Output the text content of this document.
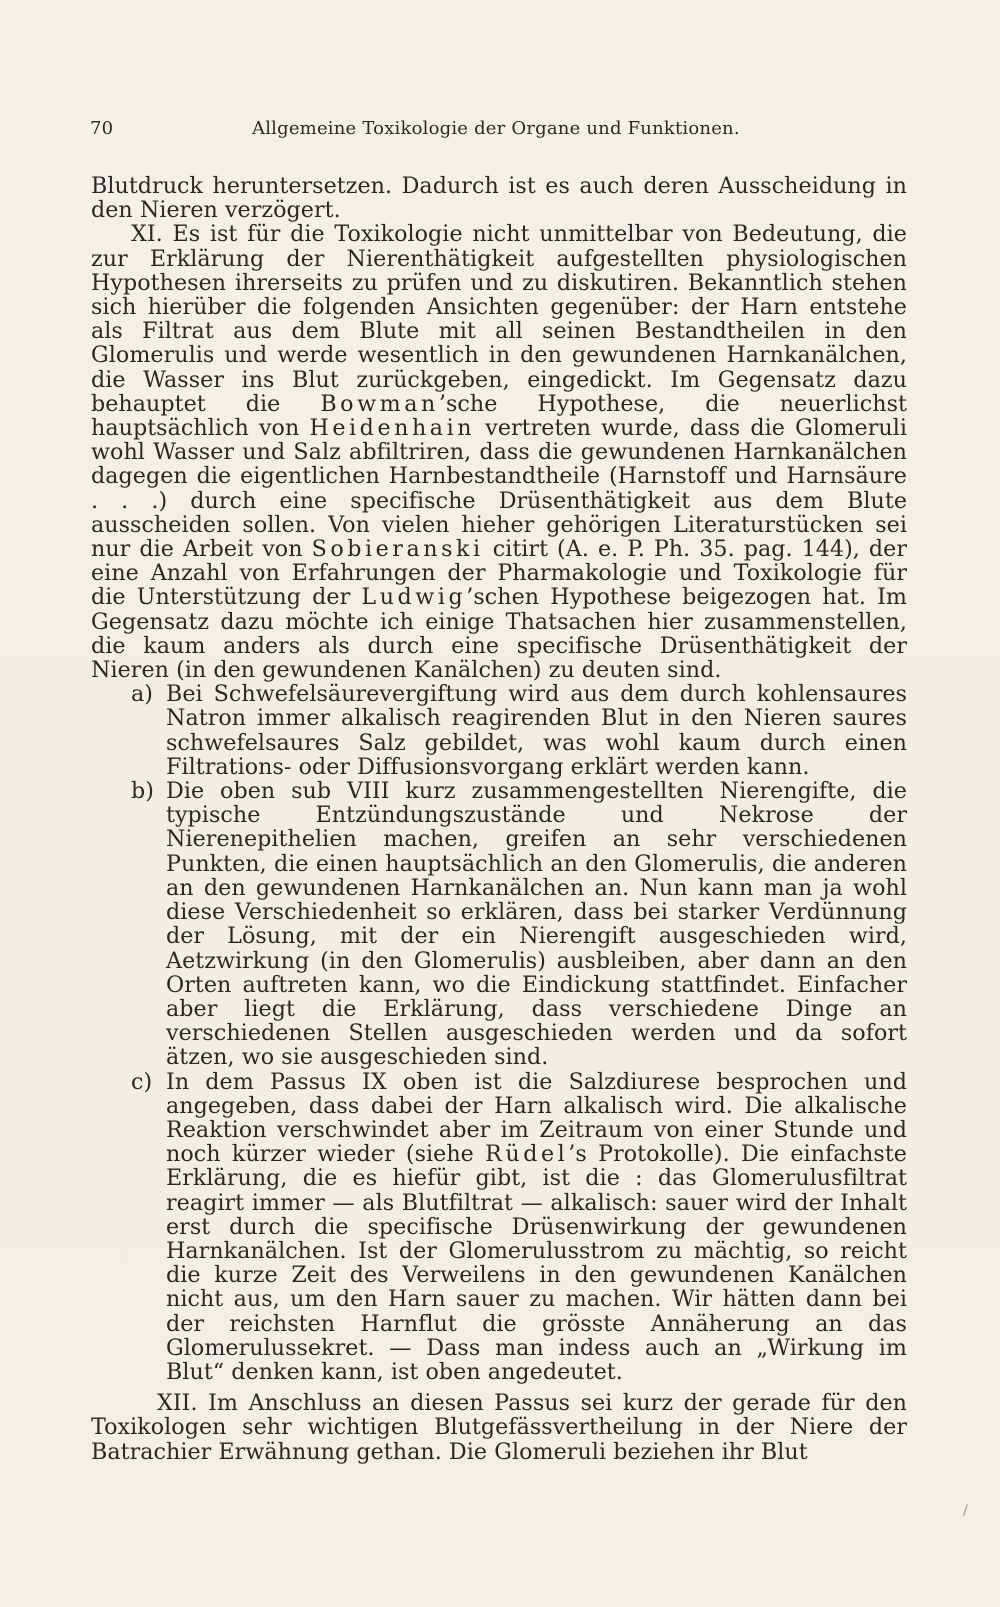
70	Allgemeine Toxikologie der Organe und Funktionen.

Blutdruck heruntersetzen. Dadurch ist es auch deren Ausscheidung in den Nieren verzögert.

XI. Es ist für die Toxikologie nicht unmittelbar von Bedeutung, die zur Erklärung der Nierenthätigkeit aufgestellten physiologischen Hypothesen ihrerseits zu prüfen und zu diskutiren. Bekanntlich stehen sich hierüber die folgenden Ansichten gegenüber: der Harn entstehe als Filtrat aus dem Blute mit all seinen Bestandtheilen in den Glomerulis und werde wesentlich in den gewundenen Harnkanälchen, die Wasser ins Blut zurückgeben, eingedickt. Im Gegensatz dazu behauptet die Bowman’sche Hypothese, die neuerlichst hauptsächlich von Heidenhain vertreten wurde, dass die Glomeruli wohl Wasser und Salz abfiltriren, dass die gewundenen Harnkanälchen dagegen die eigentlichen Harnbestandtheile (Harnstoff und Harnsäure . . .) durch eine specifische Drüsenthätigkeit aus dem Blute ausscheiden sollen. Von vielen hieher gehörigen Literaturstücken sei nur die Arbeit von Sobieranski citirt (A. e. P. Ph. 35. pag. 144), der eine Anzahl von Erfahrungen der Pharmakologie und Toxikologie für die Unterstützung der Ludwig’schen Hypothese beigezogen hat. Im Gegensatz dazu möchte ich einige Thatsachen hier zusammenstellen, die kaum anders als durch eine specifische Drüsenthätigkeit der Nieren (in den gewundenen Kanälchen) zu deuten sind.

a) Bei Schwefelsäurevergiftung wird aus dem durch kohlensaures Natron immer alkalisch reagirenden Blut in den Nieren saures schwefelsaures Salz gebildet, was wohl kaum durch einen Filtrations- oder Diffusionsvorgang erklärt werden kann.

b) Die oben sub VIII kurz zusammengestellten Nierengifte, die typische Entzündungszustände und Nekrose der Nierenepithelien machen, greifen an sehr verschiedenen Punkten, die einen hauptsächlich an den Glomerulis, die anderen an den gewundenen Harnkanälchen an. Nun kann man ja wohl diese Verschiedenheit so erklären, dass bei starker Verdünnung der Lösung, mit der ein Nierengift ausgeschieden wird, Aetzwirkung (in den Glomerulis) ausbleiben, aber dann an den Orten auftreten kann, wo die Eindickung stattfindet. Einfacher aber liegt die Erklärung, dass verschiedene Dinge an verschiedenen Stellen ausgeschieden werden und da sofort ätzen, wo sie ausgeschieden sind.

c) In dem Passus IX oben ist die Salzdiurese besprochen und angegeben, dass dabei der Harn alkalisch wird. Die alkalische Reaktion verschwindet aber im Zeitraum von einer Stunde und noch kürzer wieder (siehe Rüdel’s Protokolle). Die einfachste Erklärung, die es hiefür gibt, ist die : das Glomerulusfiltrat reagirt immer — als Blutfiltrat — alkalisch: sauer wird der Inhalt erst durch die specifische Drüsenwirkung der gewundenen Harnkanälchen. Ist der Glomerulusstrom zu mächtig, so reicht die kurze Zeit des Verweilens in den gewundenen Kanälchen nicht aus, um den Harn sauer zu machen. Wir hätten dann bei der reichsten Harnflut die grösste Annäherung an das Glomerulussekret. — Dass man indess auch an „Wirkung im Blut“ denken kann, ist oben angedeutet.

XII. Im Anschluss an diesen Passus sei kurz der gerade für den Toxikologen sehr wichtigen Blutgefässvertheilung in der Niere der Batrachier Erwähnung gethan. Die Glomeruli beziehen ihr Blut

/
